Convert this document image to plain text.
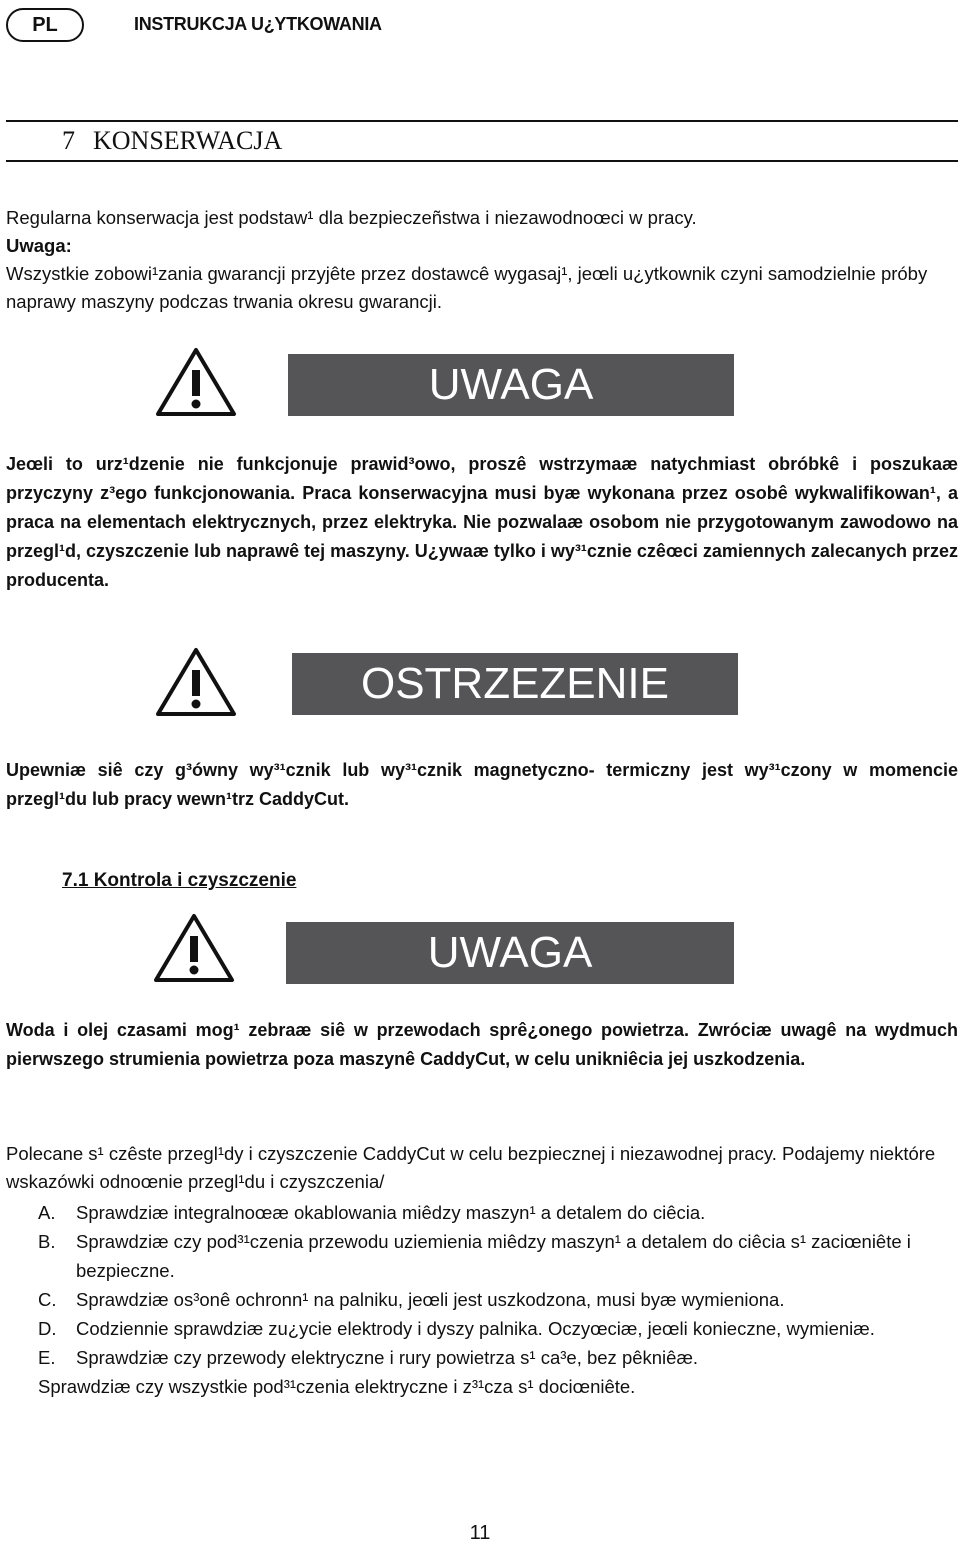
PL	INSTRUKCJA U¿YTKOWANIA
7 KONSERWACJA
Regularna konserwacja jest podstaw¹ dla bezpieczeñstwa i niezawodnoœci w pracy.
Uwaga:
Wszystkie zobowi¹zania gwarancji przyjête przez dostawcê wygasaj¹, jeœli u¿ytkownik czyni samodzielnie próby naprawy maszyny podczas trwania okresu gwarancji.
UWAGA
Jeœli to urz¹dzenie nie funkcjonuje prawid³owo, proszê wstrzymaæ natychmiast obróbkê i poszukaæ przyczyny z³ego funkcjonowania. Praca konserwacyjna musi byæ wykonana przez osobê wykwalifikowan¹, a praca na elementach elektrycznych, przez elektryka. Nie pozwalaæ osobom nie przygotowanym zawodowo na przegl¹d, czyszczenie lub naprawê tej maszyny. U¿ywaæ tylko i wy³¹cznie czêœci zamiennych zalecanych przez producenta.
OSTRZEZENIE
Upewniæ siê czy g³ówny wy³¹cznik lub wy³¹cznik magnetyczno- termiczny jest wy³¹czony w momencie przegl¹du lub pracy wewn¹trz CaddyCut.
7.1 Kontrola i czyszczenie
UWAGA
Woda i olej czasami mog¹ zebraæ siê w przewodach sprê¿onego powietrza. Zwróciæ uwagê na wydmuch pierwszego strumienia powietrza poza maszynê CaddyCut, w celu unikniêcia jej uszkodzenia.
Polecane s¹ czêste przegl¹dy i czyszczenie CaddyCut w celu bezpiecznej i niezawodnej pracy. Podajemy niektóre wskazówki odnoœnie przegl¹du i czyszczenia/
A.	Sprawdziæ integralnoœæ okablowania miêdzy maszyn¹ a detalem do ciêcia.
B.	Sprawdziæ czy pod³¹czenia przewodu uziemienia miêdzy maszyn¹ a detalem do ciêcia s¹ zaciœniête i bezpieczne.
C.	Sprawdziæ os³onê ochronn¹ na palniku, jeœli jest uszkodzona, musi byæ wymieniona.
D.	Codziennie sprawdziæ zu¿ycie elektrody i dyszy palnika. Oczyœciæ, jeœli konieczne, wymieniæ.
E.	Sprawdziæ czy przewody elektryczne i rury powietrza s¹ ca³e, bez pêkniêæ.
Sprawdziæ czy wszystkie pod³¹czenia elektryczne i z³¹cza s¹ dociœniête.
11
